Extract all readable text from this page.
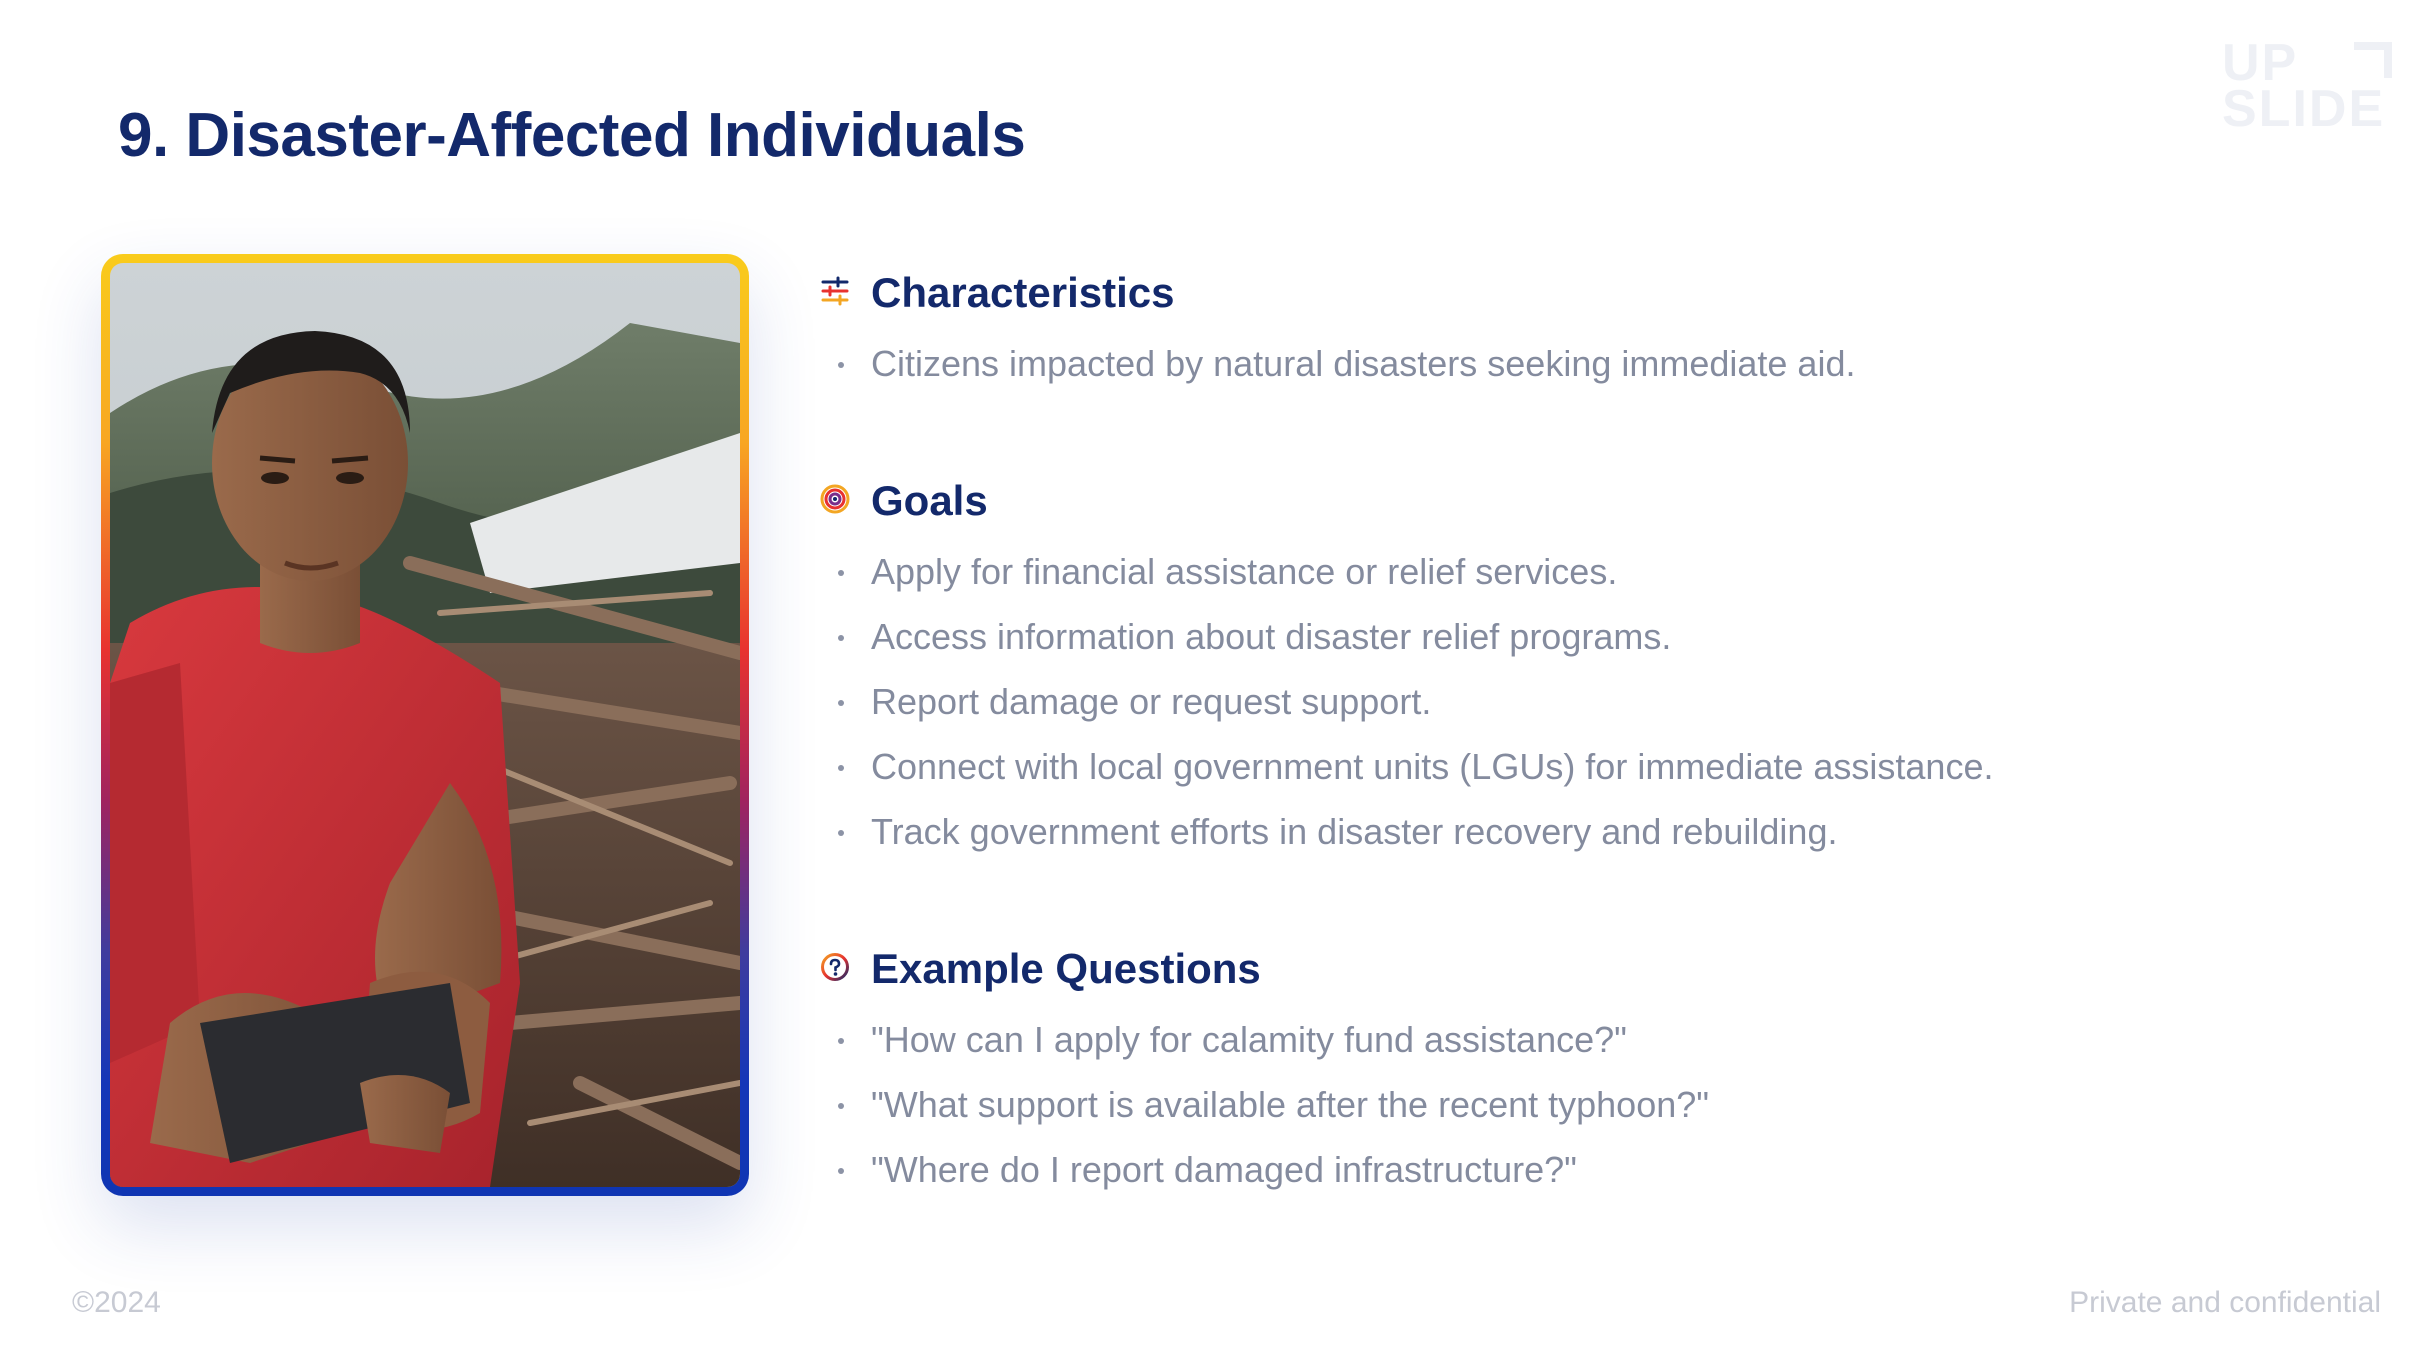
9. Disaster-Affected Individuals
UP
SLIDE
Characteristics
Citizens impacted by natural disasters seeking immediate aid.
Goals
Apply for financial assistance or relief services.
Access information about disaster relief programs.
Report damage or request support.
Connect with local government units (LGUs) for immediate assistance.
Track government efforts in disaster recovery and rebuilding.
Example Questions
"How can I apply for calamity fund assistance?"
"What support is available after the recent typhoon?"
"Where do I report damaged infrastructure?"
©2024	Private and confidential
